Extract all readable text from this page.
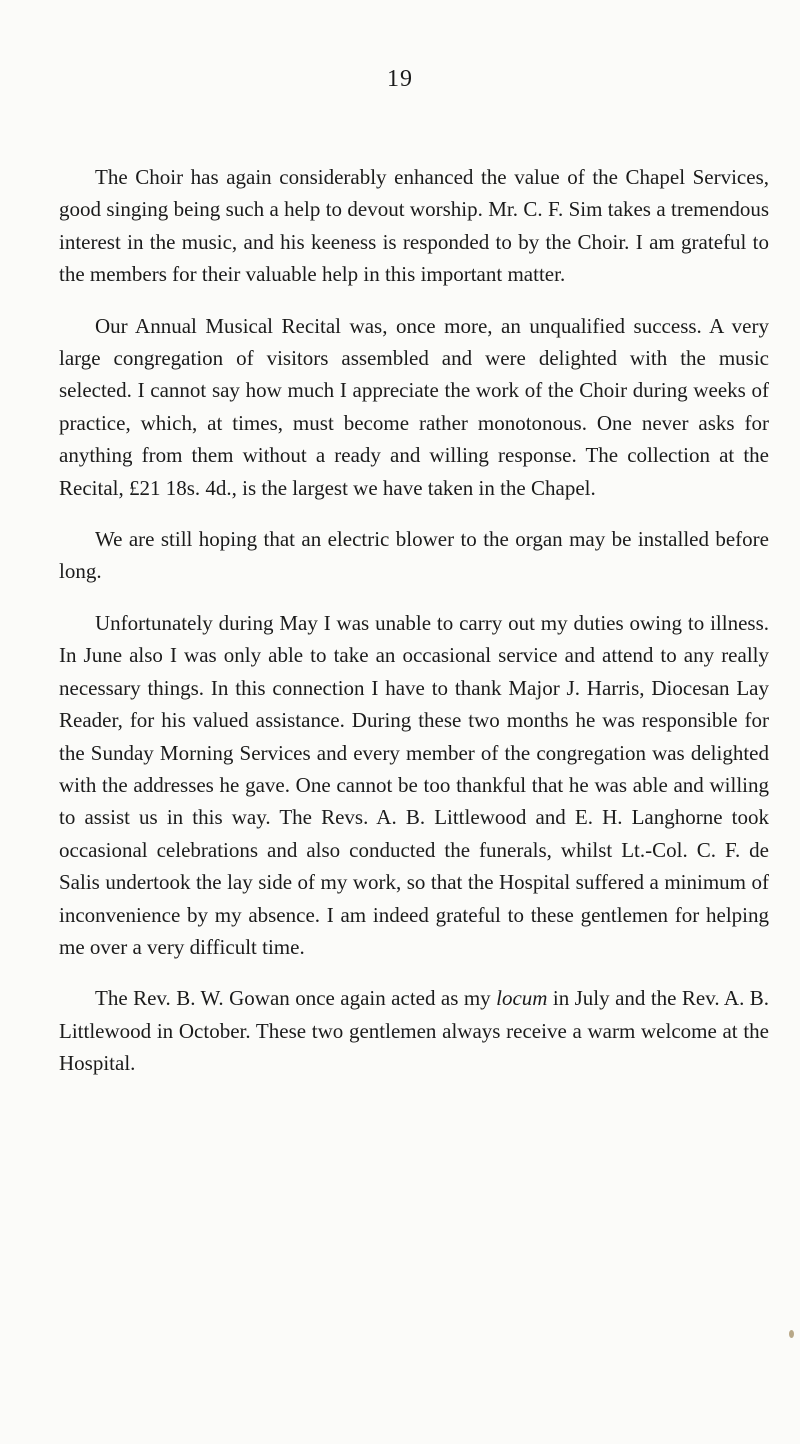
19

The Choir has again considerably enhanced the value of the Chapel Services, good singing being such a help to devout worship. Mr. C. F. Sim takes a tremendous interest in the music, and his keeness is responded to by the Choir. I am grateful to the members for their valuable help in this important matter.

Our Annual Musical Recital was, once more, an unqualified success. A very large congregation of visitors assembled and were delighted with the music selected. I cannot say how much I appreciate the work of the Choir during weeks of practice, which, at times, must become rather monotonous. One never asks for anything from them without a ready and willing response. The collection at the Recital, £21 18s. 4d., is the largest we have taken in the Chapel.

We are still hoping that an electric blower to the organ may be installed before long.

Unfortunately during May I was unable to carry out my duties owing to illness. In June also I was only able to take an occasional service and attend to any really necessary things. In this connection I have to thank Major J. Harris, Diocesan Lay Reader, for his valued assistance. During these two months he was responsible for the Sunday Morning Services and every member of the congregation was delighted with the addresses he gave. One cannot be too thankful that he was able and willing to assist us in this way. The Revs. A. B. Littlewood and E. H. Langhorne took occasional celebrations and also conducted the funerals, whilst Lt.-Col. C. F. de Salis undertook the lay side of my work, so that the Hospital suffered a minimum of inconvenience by my absence. I am indeed grateful to these gentlemen for helping me over a very difficult time.

The Rev. B. W. Gowan once again acted as my locum in July and the Rev. A. B. Littlewood in October. These two gentlemen always receive a warm welcome at the Hospital.
